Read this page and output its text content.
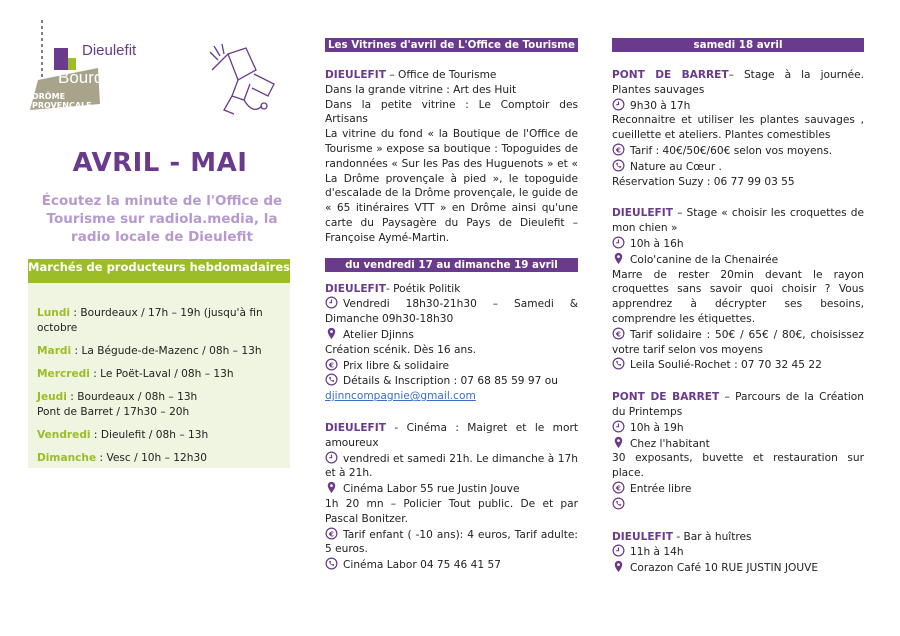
Dieulefit
Bourdeaux
DRÔME PROVENÇALE
AVRIL - MAI
Écoutez la minute de l'Office de Tourisme sur radiola.media, la radio locale de Dieulefit
Marchés de producteurs hebdomadaires
Lundi : Bourdeaux / 17h – 19h (jusqu'à fin octobre
Mardi : La Bégude-de-Mazenc / 08h – 13h
Mercredi : Le Poët-Laval / 08h – 13h
Jeudi : Bourdeaux / 08h – 13h
Pont de Barret / 17h30 – 20h
Vendredi : Dieulefit / 08h – 13h
Dimanche : Vesc / 10h – 12h30
Les Vitrines d'avril de L'Office de Tourisme
DIEULEFIT – Office de Tourisme
Dans la grande vitrine : Art des Huit
Dans la petite vitrine : Le Comptoir des Artisans
La vitrine du fond « la Boutique de l'Office de Tourisme » expose sa boutique : Topoguides de randonnées « Sur les Pas des Huguenots » et « La Drôme provençale à pied », le topoguide d'escalade de la Drôme provençale, le guide de « 65 itinéraires VTT » en Drôme ainsi qu'une carte du Paysagère du Pays de Dieulefit – Françoise Aymé-Martin.
du vendredi 17 au dimanche 19 avril
DIEULEFIT- Poétik Politik
Vendredi 18h30-21h30 – Samedi & Dimanche 09h30-18h30
Atelier Djinns
Création scénik. Dès 16 ans.
Prix libre & solidaire
Détails & Inscription : 07 68 85 59 97 ou
djinncompagnie@gmail.com
DIEULEFIT - Cinéma : Maigret et le mort amoureux
vendredi et samedi 21h. Le dimanche à 17h et à 21h.
Cinéma Labor 55 rue Justin Jouve
1h 20 mn – Policier Tout public. De et par Pascal Bonitzer.
Tarif enfant ( -10 ans): 4 euros, Tarif adulte: 5 euros.
Cinéma Labor 04 75 46 41 57
samedi 18 avril
PONT DE BARRET– Stage à la journée. Plantes sauvages
9h30 à 17h
Reconnaitre et utiliser les plantes sauvages , cueillette et ateliers. Plantes comestibles
Tarif : 40€/50€/60€ selon vos moyens.
Nature au Cœur .
Réservation Suzy : 06 77 99 03 55
DIEULEFIT – Stage « choisir les croquettes de mon chien »
10h à 16h
Colo'canine de la Chenairée
Marre de rester 20min devant le rayon croquettes sans savoir quoi choisir ? Vous apprendrez à décrypter ses besoins, comprendre les étiquettes.
Tarif solidaire : 50€ / 65€ / 80€, choisissez votre tarif selon vos moyens
Leila Soulié-Rochet : 07 70 32 45 22
PONT DE BARRET – Parcours de la Création du Printemps
10h à 19h
Chez l'habitant
30 exposants, buvette et restauration sur place.
Entrée libre
DIEULEFIT - Bar à huîtres
11h à 14h
Corazon Café 10 RUE JUSTIN JOUVE
